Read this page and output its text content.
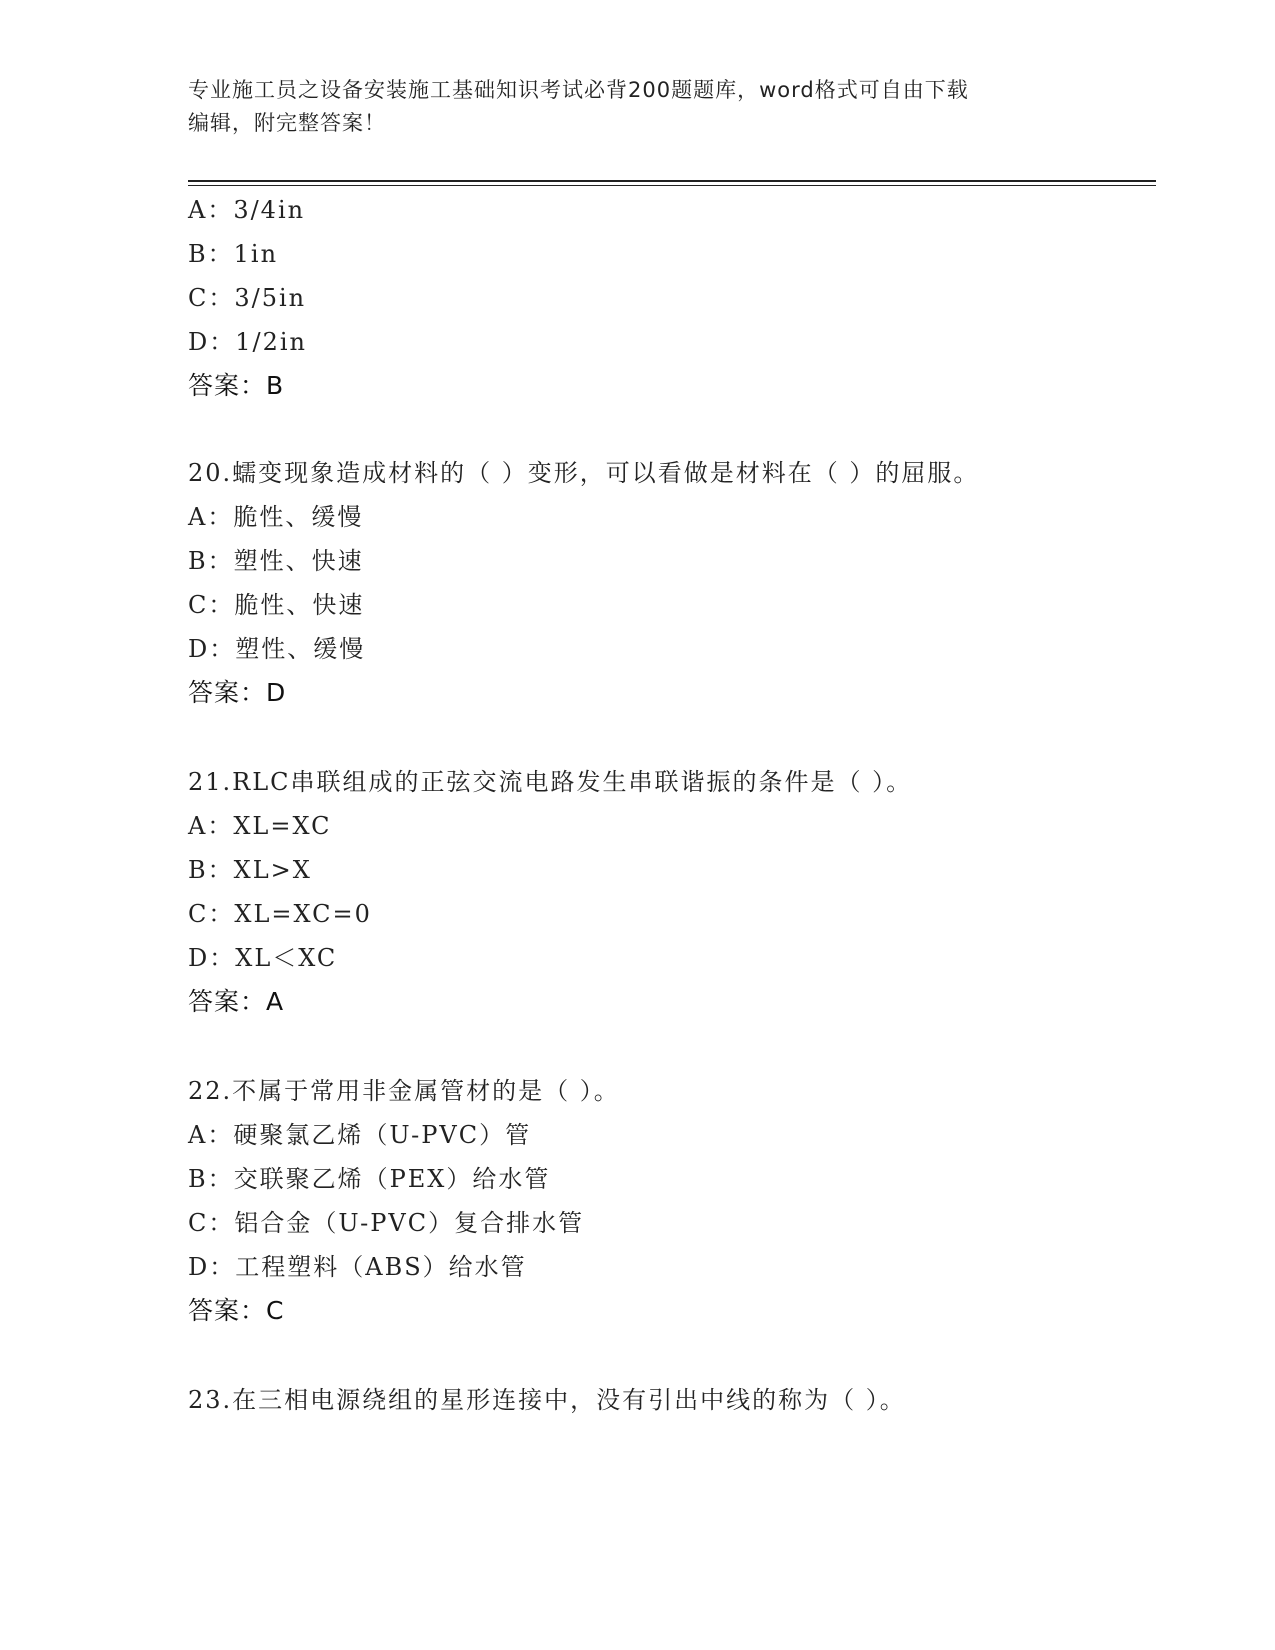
专业施工员之设备安装施工基础知识考试必背200题题库，word格式可自由下载
编辑，附完整答案！
A：3/4in
B：1in
C：3/5in
D：1/2in
答案：B
20.蠕变现象造成材料的（ ）变形，可以看做是材料在（ ）的屈服。
A：脆性、缓慢
B：塑性、快速
C：脆性、快速
D：塑性、缓慢
答案：D
21.RLC串联组成的正弦交流电路发生串联谐振的条件是（ ）。
A：XL=XC
B：XL>X
C：XL=XC=0
D：XL＜XC
答案：A
22.不属于常用非金属管材的是（ ）。
A：硬聚氯乙烯（U-PVC）管
B：交联聚乙烯（PEX）给水管
C：铝合金（U-PVC）复合排水管
D：工程塑料（ABS）给水管
答案：C
23.在三相电源绕组的星形连接中，没有引出中线的称为（ ）。
